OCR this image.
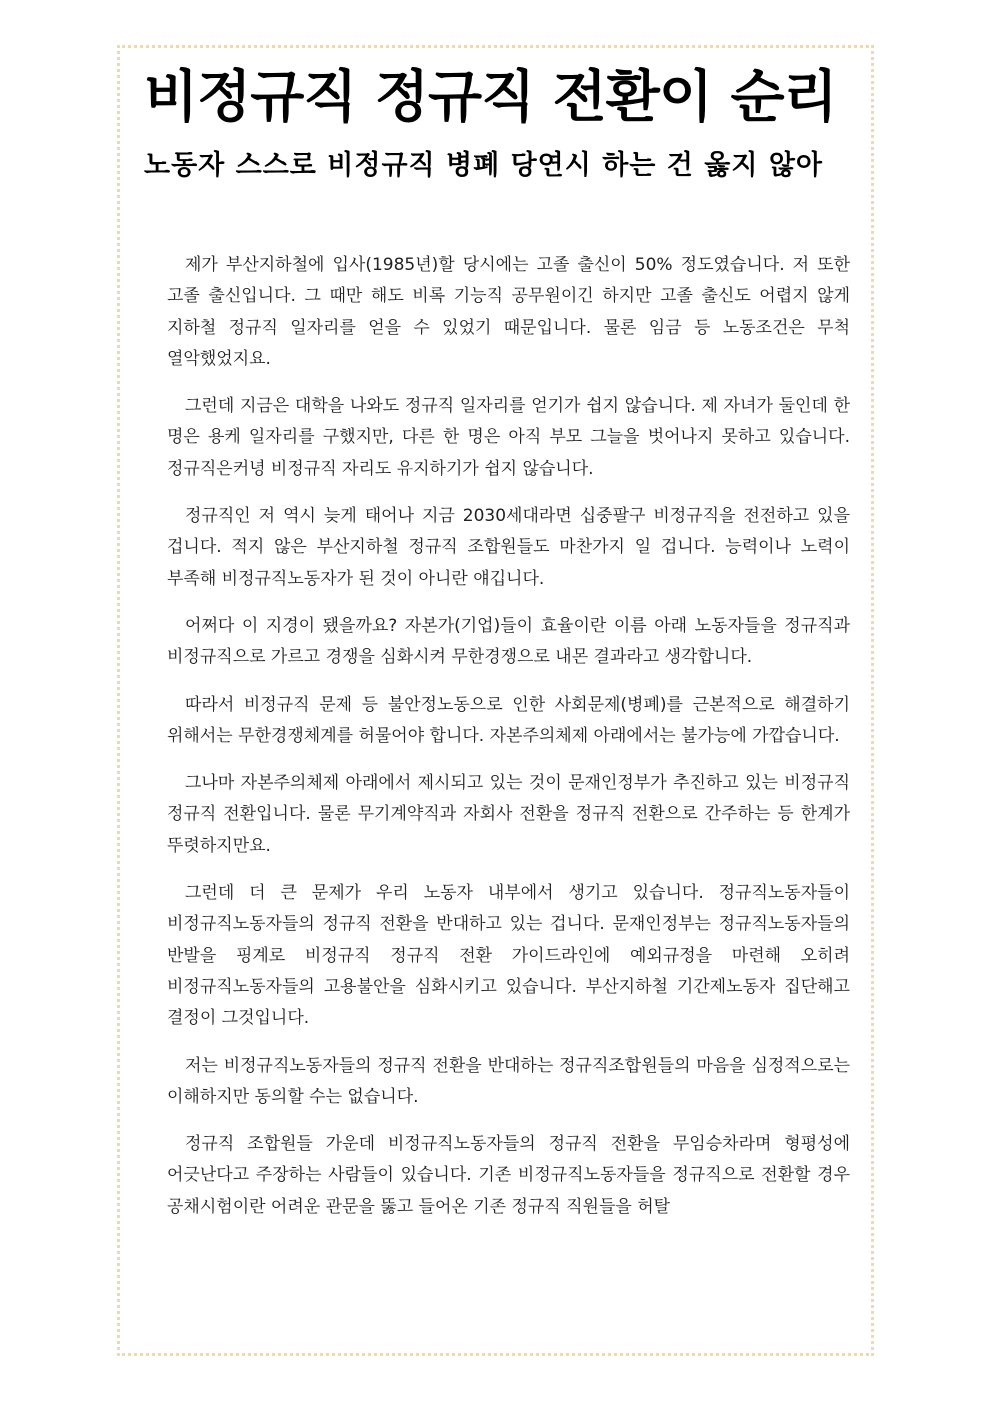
비정규직 정규직 전환이 순리
노동자 스스로 비정규직 병폐 당연시 하는 건 옳지 않아

제가 부산지하철에 입사(1985년)할 당시에는 고졸 출신이 50% 정도였습니다. 저 또한 고졸 출신입니다. 그 때만 해도 비록 기능직 공무원이긴 하지만 고졸 출신도 어렵지 않게 지하철 정규직 일자리를 얻을 수 있었기 때문입니다. 물론 임금 등 노동조건은 무척 열악했었지요.

그런데 지금은 대학을 나와도 정규직 일자리를 얻기가 쉽지 않습니다. 제 자녀가 둘인데 한 명은 용케 일자리를 구했지만, 다른 한 명은 아직 부모 그늘을 벗어나지 못하고 있습니다. 정규직은커녕 비정규직 자리도 유지하기가 쉽지 않습니다.

정규직인 저 역시 늦게 태어나 지금 2030세대라면 십중팔구 비정규직을 전전하고 있을 겁니다. 적지 않은 부산지하철 정규직 조합원들도 마찬가지 일 겁니다. 능력이나 노력이 부족해 비정규직노동자가 된 것이 아니란 얘깁니다.

어쩌다 이 지경이 됐을까요? 자본가(기업)들이 효율이란 이름 아래 노동자들을 정규직과 비정규직으로 가르고 경쟁을 심화시켜 무한경쟁으로 내몬 결과라고 생각합니다.

따라서 비정규직 문제 등 불안정노동으로 인한 사회문제(병폐)를 근본적으로 해결하기 위해서는 무한경쟁체계를 허물어야 합니다. 자본주의체제 아래에서는 불가능에 가깝습니다.

그나마 자본주의체제 아래에서 제시되고 있는 것이 문재인정부가 추진하고 있는 비정규직 정규직 전환입니다. 물론 무기계약직과 자회사 전환을 정규직 전환으로 간주하는 등 한계가 뚜렷하지만요.

그런데 더 큰 문제가 우리 노동자 내부에서 생기고 있습니다. 정규직노동자들이 비정규직노동자들의 정규직 전환을 반대하고 있는 겁니다. 문재인정부는 정규직노동자들의 반발을 핑계로 비정규직 정규직 전환 가이드라인에 예외규정을 마련해 오히려 비정규직노동자들의 고용불안을 심화시키고 있습니다. 부산지하철 기간제노동자 집단해고 결정이 그것입니다.

저는 비정규직노동자들의 정규직 전환을 반대하는 정규직조합원들의 마음을 심정적으로는 이해하지만 동의할 수는 없습니다.

정규직 조합원들 가운데 비정규직노동자들의 정규직 전환을 무임승차라며 형평성에 어긋난다고 주장하는 사람들이 있습니다. 기존 비정규직노동자들을 정규직으로 전환할 경우 공채시험이란 어려운 관문을 뚫고 들어온 기존 정규직 직원들을 허탈
